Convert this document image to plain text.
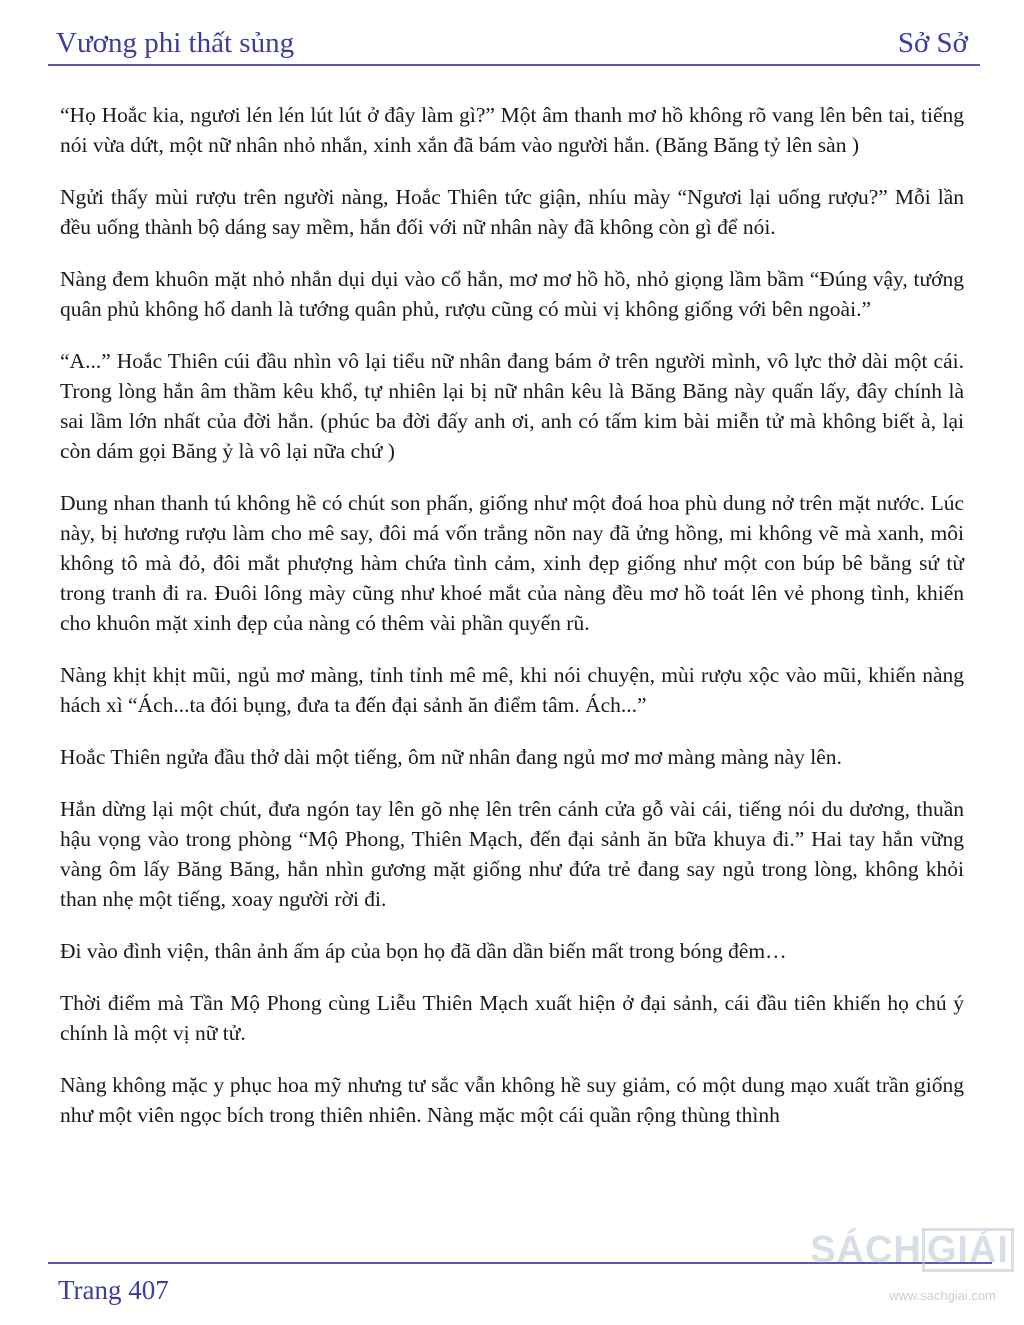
Vương phi thất sủng	Sở Sở

“Họ Hoắc kia, ngươi lén lén lút lút ở đây làm gì?” Một âm thanh mơ hồ không rõ vang lên bên tai, tiếng nói vừa dứt, một nữ nhân nhỏ nhắn, xinh xắn đã bám vào người hắn. (Băng Băng tỷ lên sàn )

Ngửi thấy mùi rượu trên người nàng, Hoắc Thiên tức giận, nhíu mày “Ngươi lại uống rượu?” Mỗi lần đều uống thành bộ dáng say mềm, hắn đối với nữ nhân này đã không còn gì để nói.

Nàng đem khuôn mặt nhỏ nhắn dụi dụi vào cổ hắn, mơ mơ hồ hồ, nhỏ giọng lầm bầm “Đúng vậy, tướng quân phủ không hổ danh là tướng quân phủ, rượu cũng có mùi vị không giống với bên ngoài.”

“A...” Hoắc Thiên cúi đầu nhìn vô lại tiểu nữ nhân đang bám ở trên người mình, vô lực thở dài một cái. Trong lòng hắn âm thầm kêu khổ, tự nhiên lại bị nữ nhân kêu là Băng Băng này quấn lấy, đây chính là sai lầm lớn nhất của đời hắn. (phúc ba đời đấy anh ơi, anh có tấm kim bài miễn tử mà không biết à, lại còn dám gọi Băng ỷ là vô lại nữa chứ )

Dung nhan thanh tú không hề có chút son phấn, giống như một đoá hoa phù dung nở trên mặt nước. Lúc này, bị hương rượu làm cho mê say, đôi má vốn trắng nõn nay đã ửng hồng, mi không vẽ mà xanh, môi không tô mà đỏ, đôi mắt phượng hàm chứa tình cảm, xinh đẹp giống như một con búp bê bằng sứ từ trong tranh đi ra. Đuôi lông mày cũng như khoé mắt của nàng đều mơ hồ toát lên vẻ phong tình, khiến cho khuôn mặt xinh đẹp của nàng có thêm vài phần quyến rũ.

Nàng khịt khịt mũi, ngủ mơ màng, tỉnh tỉnh mê mê, khi nói chuyện, mùi rượu xộc vào mũi, khiến nàng hách xì “Ách...ta đói bụng, đưa ta đến đại sảnh ăn điểm tâm. Ách...”

Hoắc Thiên ngửa đầu thở dài một tiếng, ôm nữ nhân đang ngủ mơ mơ màng màng này lên.

Hắn dừng lại một chút, đưa ngón tay lên gõ nhẹ lên trên cánh cửa gỗ vài cái, tiếng nói du dương, thuần hậu vọng vào trong phòng “Mộ Phong, Thiên Mạch, đến đại sảnh ăn bữa khuya đi.” Hai tay hắn vững vàng ôm lấy Băng Băng, hắn nhìn gương mặt giống như đứa trẻ đang say ngủ trong lòng, không khỏi than nhẹ một tiếng, xoay người rời đi.

Đi vào đình viện, thân ảnh ấm áp của bọn họ đã dần dần biến mất trong bóng đêm…

Thời điểm mà Tần Mộ Phong cùng Liễu Thiên Mạch xuất hiện ở đại sảnh, cái đầu tiên khiến họ chú ý chính là một vị nữ tử.

Nàng không mặc y phục hoa mỹ nhưng tư sắc vẫn không hề suy giảm, có một dung mạo xuất trần giống như một viên ngọc bích trong thiên nhiên. Nàng mặc một cái quần rộng thùng thình

Trang 407
SÁCH GIẢI
www.sachgiai.com
